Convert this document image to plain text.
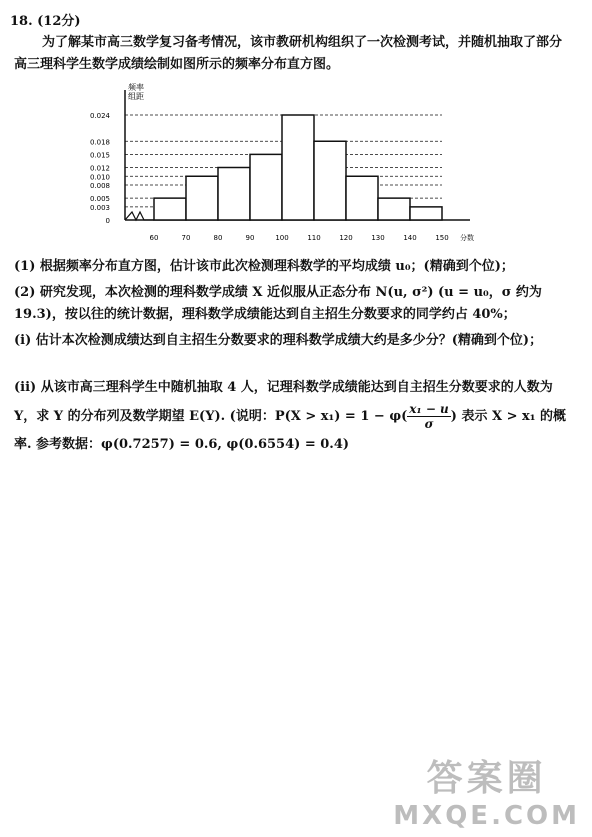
18. (12分)
为了解某市高三数学复习备考情况，该市教研机构组织了一次检测考试，并随机抽取了部分高三理科学生数学成绩绘制如图所示的频率分布直方图。
频率
组距
0
0.003
0.005
0.008
0.010
0.012
0.015
0.018
0.024
60	70	80	90	100	110	120	130	140	150 分数
(1) 根据频率分布直方图，估计该市此次检测理科数学的平均成绩 u₀；(精确到个位)；
(2) 研究发现，本次检测的理科数学成绩 X 近似服从正态分布 N(u, σ²) (u = u₀，σ 约为 19.3)，按以往的统计数据，理科数学成绩能达到自主招生分数要求的同学约占 40%；
(i) 估计本次检测成绩达到自主招生分数要求的理科数学成绩大约是多少分？(精确到个位)；
(ii) 从该市高三理科学生中随机抽取 4 人，记理科数学成绩能达到自主招生分数要求的人数为 Y，求 Y 的分布列及数学期望 E(Y). (说明：$P(X > x_1) = 1 - \varphi( \frac{\text{x₁ − u}}{\sigma}$ ) 表示 X > x₁ 的概率. 参考数据：φ(0.7257) = 0.6, φ(0.6554) = 0.4)
答案圈
MXQE.COM
